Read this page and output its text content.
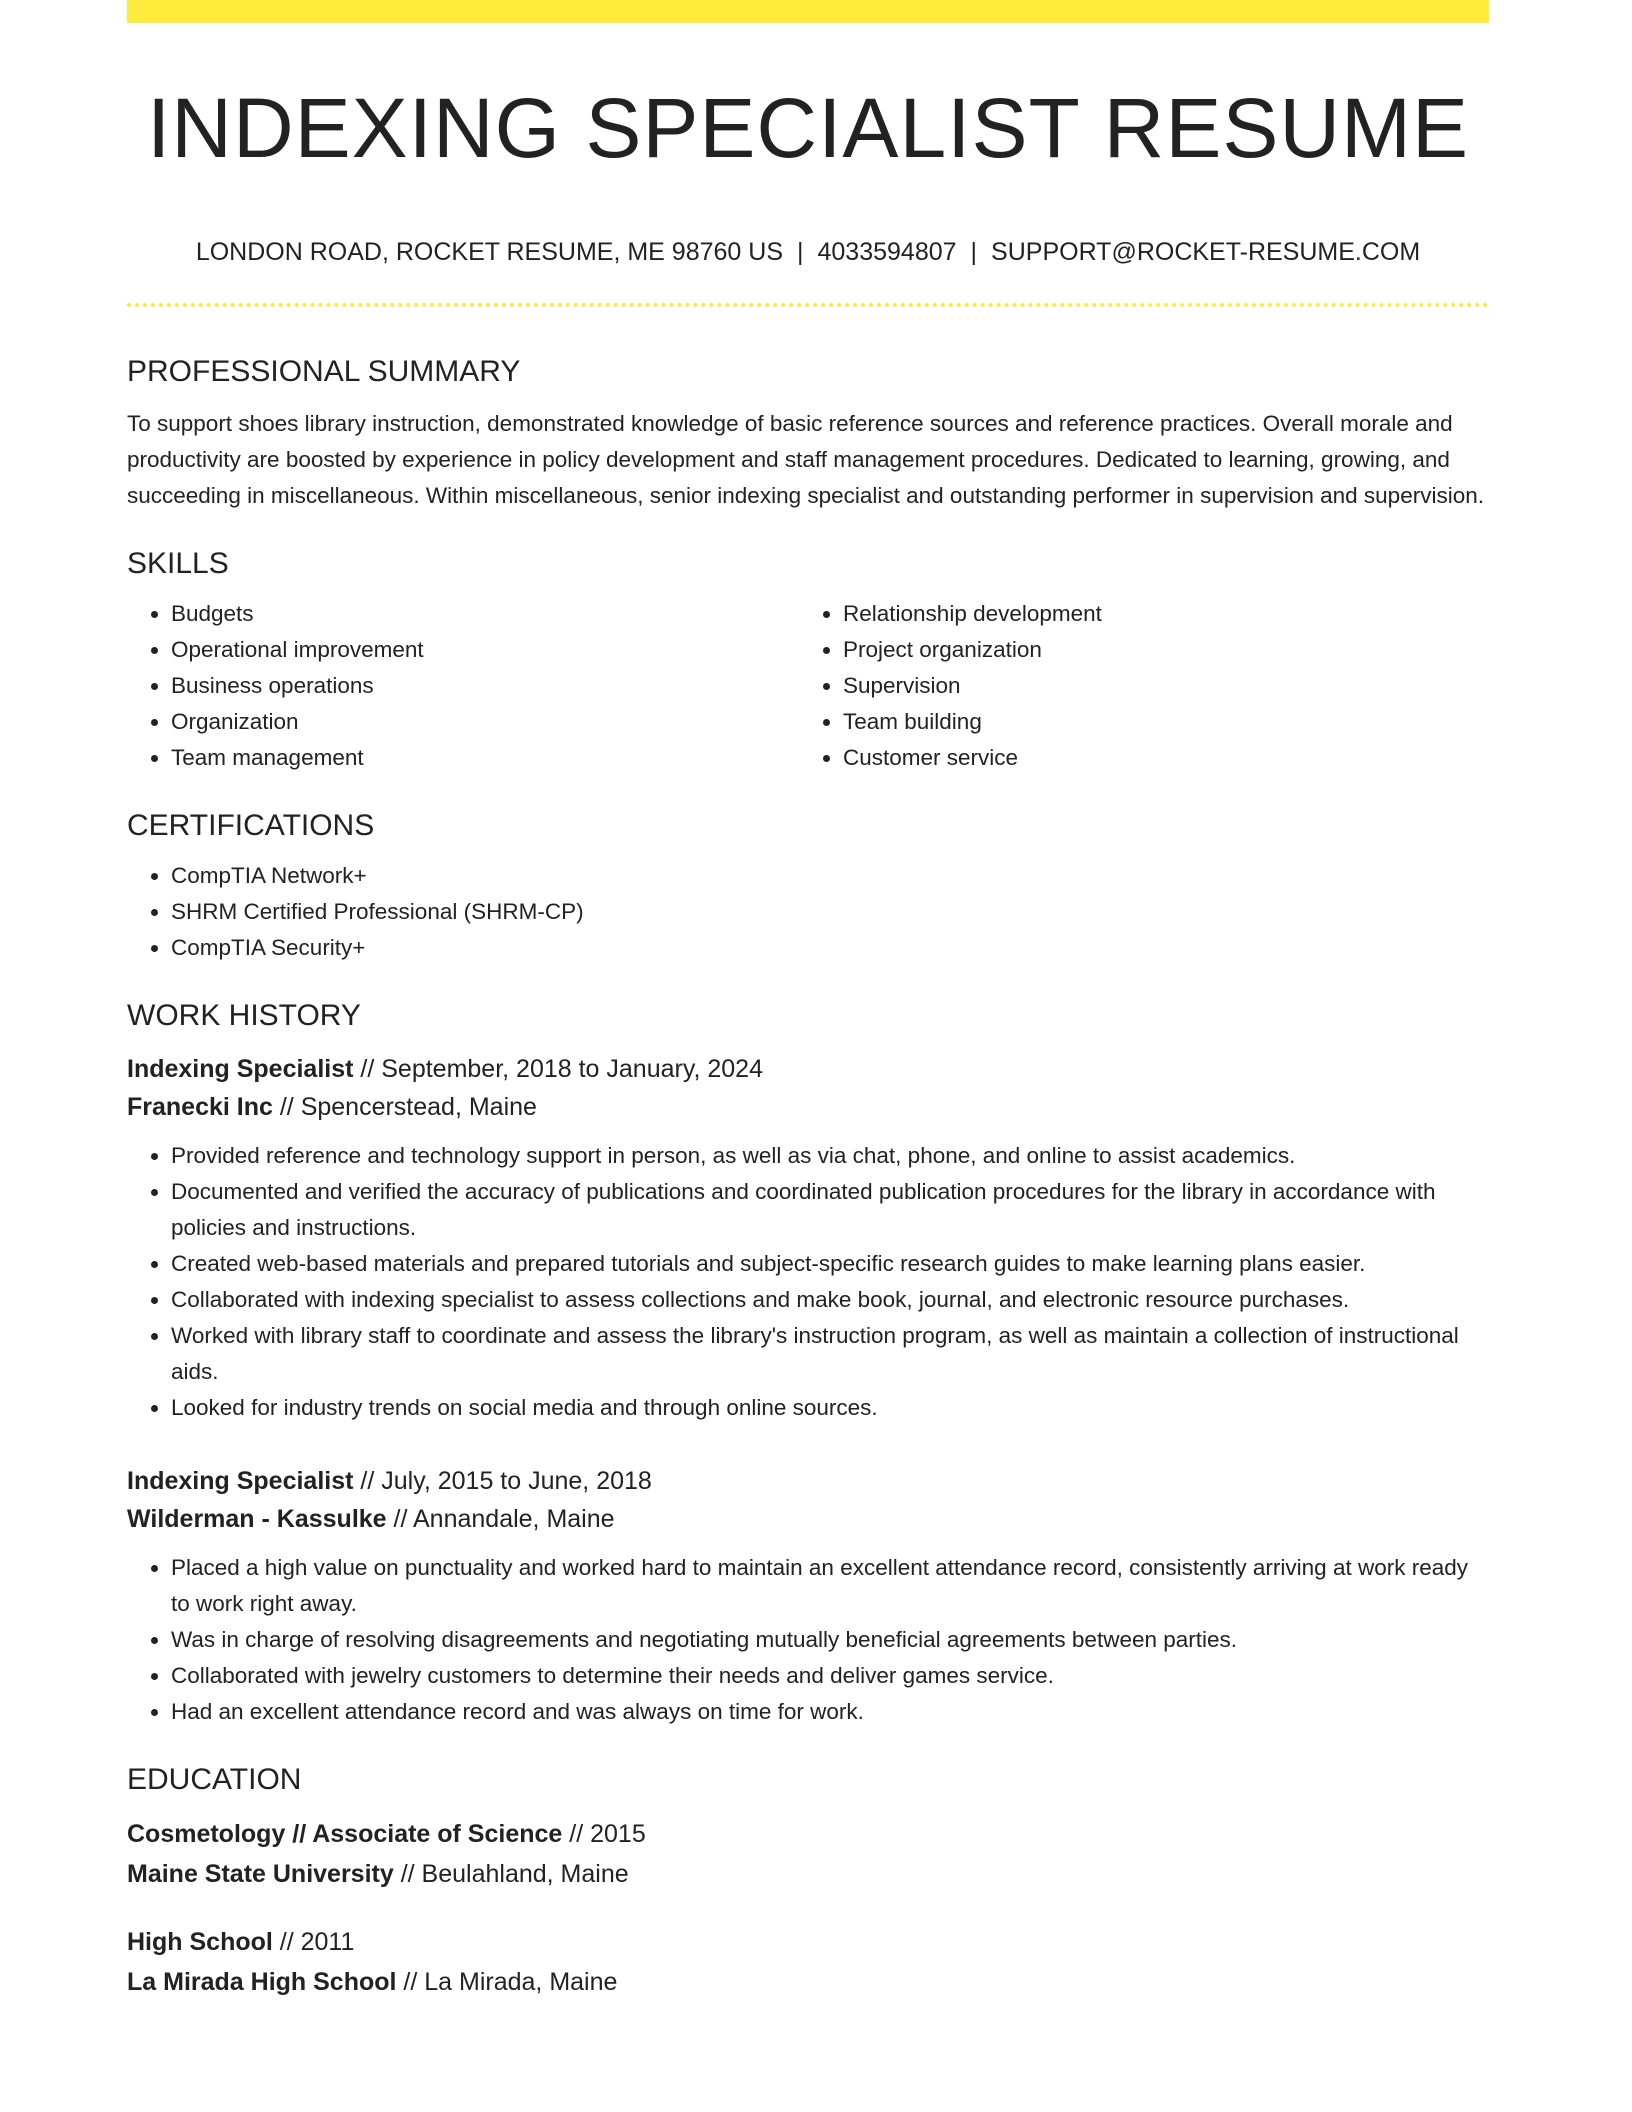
INDEXING SPECIALIST RESUME
LONDON ROAD, ROCKET RESUME, ME 98760 US | 4033594807 | SUPPORT@ROCKET-RESUME.COM
PROFESSIONAL SUMMARY

To support shoes library instruction, demonstrated knowledge of basic reference sources and reference practices. Overall morale and productivity are boosted by experience in policy development and staff management procedures. Dedicated to learning, growing, and succeeding in miscellaneous. Within miscellaneous, senior indexing specialist and outstanding performer in supervision and supervision.

SKILLS
• Budgets
• Operational improvement
• Business operations
• Organization
• Team management
• Relationship development
• Project organization
• Supervision
• Team building
• Customer service
CERTIFICATIONS
• CompTIA Network+
• SHRM Certified Professional (SHRM-CP)
• CompTIA Security+
WORK HISTORY
Indexing Specialist // September, 2018 to January, 2024
Franecki Inc // Spencerstead, Maine
• Provided reference and technology support in person, as well as via chat, phone, and online to assist academics.
• Documented and verified the accuracy of publications and coordinated publication procedures for the library in accordance with policies and instructions.
• Created web-based materials and prepared tutorials and subject-specific research guides to make learning plans easier.
• Collaborated with indexing specialist to assess collections and make book, journal, and electronic resource purchases.
• Worked with library staff to coordinate and assess the library's instruction program, as well as maintain a collection of instructional aids.
• Looked for industry trends on social media and through online sources.
Indexing Specialist // July, 2015 to June, 2018
Wilderman - Kassulke // Annandale, Maine
• Placed a high value on punctuality and worked hard to maintain an excellent attendance record, consistently arriving at work ready to work right away.
• Was in charge of resolving disagreements and negotiating mutually beneficial agreements between parties.
• Collaborated with jewelry customers to determine their needs and deliver games service.
• Had an excellent attendance record and was always on time for work.
EDUCATION
Cosmetology // Associate of Science // 2015
Maine State University // Beulahland, Maine
High School // 2011
La Mirada High School // La Mirada, Maine
